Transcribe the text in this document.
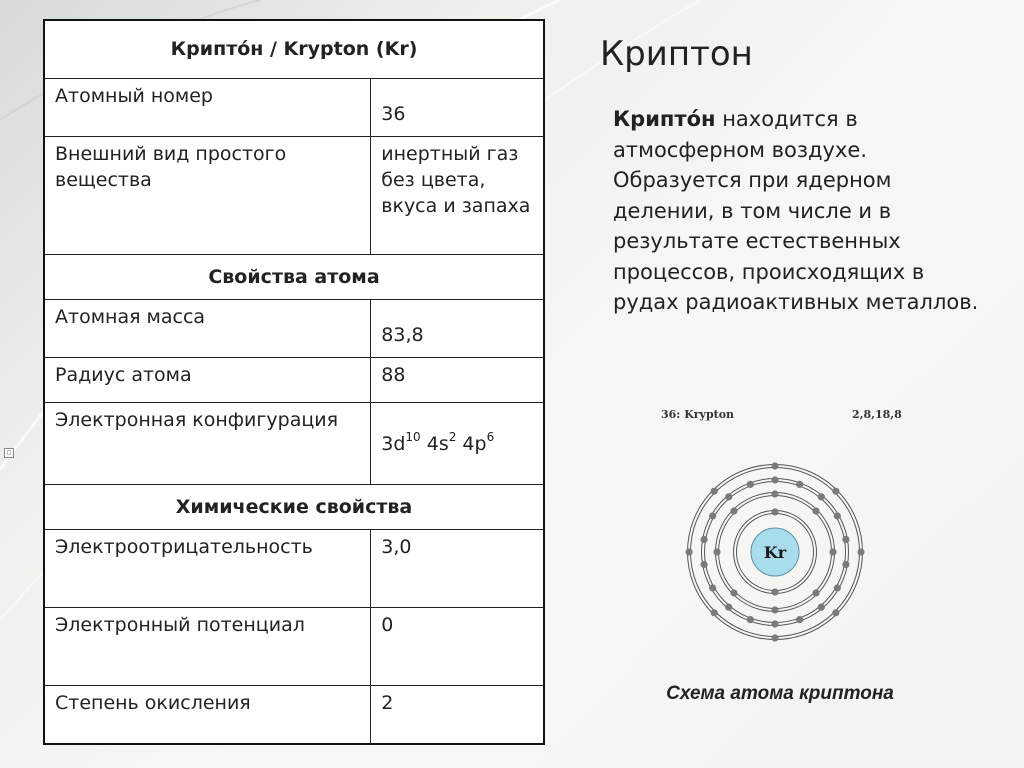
◻
Крипто́н / Krypton (Kr)	
Атомный номер	36
Внешний вид простого вещества	инертный газ без цвета, вкуса и запаха
Свойства атома	
Атомная масса	83,8
Радиус атома	88
Электронная конфигурация	$3d^{10}$ $4s^2$ $4p^6$
Химические свойства	
Электроотрицательность	3,0
Электронный потенциал	0
Степень окисления	2
Криптон
Крипто́н находится в атмосферном воздухе. Образуется при ядерном делении, в том числе и в результате естественных процессов, происходящих в рудах радиоактивных металлов.
36: Krypton	2,8,18,8
Kr
Схема атома криптона
